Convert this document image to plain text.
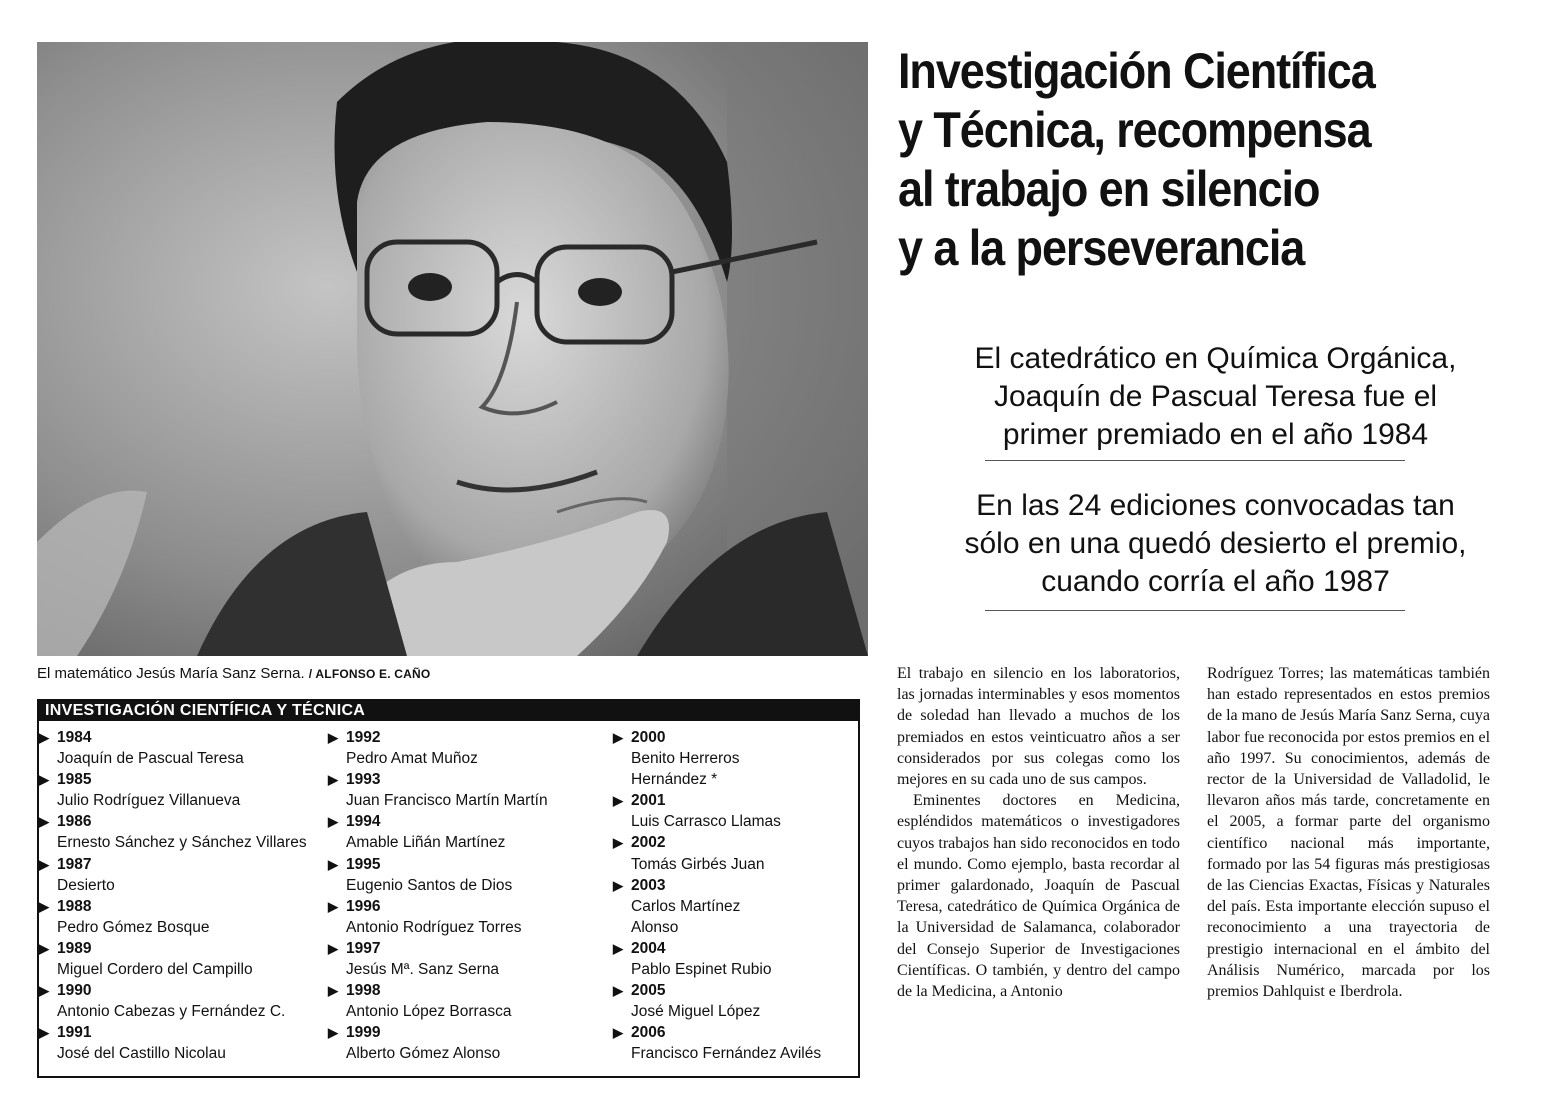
El matemático Jesús María Sanz Serna. / ALFONSO E. CAÑO
Investigación Científica
y Técnica, recompensa
al trabajo en silencio
y a la perseverancia
El catedrático en Química Orgánica,
Joaquín de Pascual Teresa fue el
primer premiado en el año 1984
En las 24 ediciones convocadas tan
sólo en una quedó desierto el premio,
cuando corría el año 1987
INVESTIGACIÓN CIENTÍFICA Y TÉCNICA
▶ 1984
Joaquín de Pascual Teresa
▶ 1985
Julio Rodríguez Villanueva
▶ 1986
Ernesto Sánchez y Sánchez Villares
▶ 1987
Desierto
▶ 1988
Pedro Gómez Bosque
▶ 1989
Miguel Cordero del Campillo
▶ 1990
Antonio Cabezas y Fernández C.
▶ 1991
José del Castillo Nicolau
▶ 1992
Pedro Amat Muñoz
▶ 1993
Juan Francisco Martín Martín
▶ 1994
Amable Liñán Martínez
▶ 1995
Eugenio Santos de Dios
▶ 1996
Antonio Rodríguez Torres
▶ 1997
Jesús Mª. Sanz Serna
▶ 1998
Antonio López Borrasca
▶ 1999
Alberto Gómez Alonso
▶ 2000
Benito Herreros
Hernández *
▶ 2001
Luis Carrasco Llamas
▶ 2002
Tomás Girbés Juan
▶ 2003
Carlos Martínez
Alonso
▶ 2004
Pablo Espinet Rubio
▶ 2005
José Miguel López
▶ 2006
Francisco Fernández Avilés

El trabajo en silencio en los laboratorios, las jornadas interminables y esos momentos de soledad han llevado a muchos de los premiados en estos veinticuatro años a ser considerados por sus colegas como los mejores en su cada uno de sus campos.

Eminentes doctores en Medicina, espléndidos matemáticos o investigadores cuyos trabajos han sido reconocidos en todo el mundo. Como ejemplo, basta recordar al primer galardonado, Joaquín de Pascual Teresa, catedrático de Química Orgánica de la Universidad de Salamanca, colaborador del Consejo Superior de Investigaciones Científicas. O también, y dentro del campo de la Medicina, a Antonio

Rodríguez Torres; las matemáticas también han estado representados en estos premios de la mano de Jesús María Sanz Serna, cuya labor fue reconocida por estos premios en el año 1997. Su conocimientos, además de rector de la Universidad de Valladolid, le llevaron años más tarde, concretamente en el 2005, a formar parte del organismo científico nacional más importante, formado por las 54 figuras más prestigiosas de las Ciencias Exactas, Físicas y Naturales del país. Esta importante elección supuso el reconocimiento a una trayectoria de prestigio internacional en el ámbito del Análisis Numérico, marcada por los premios Dahlquist e Iberdrola.
